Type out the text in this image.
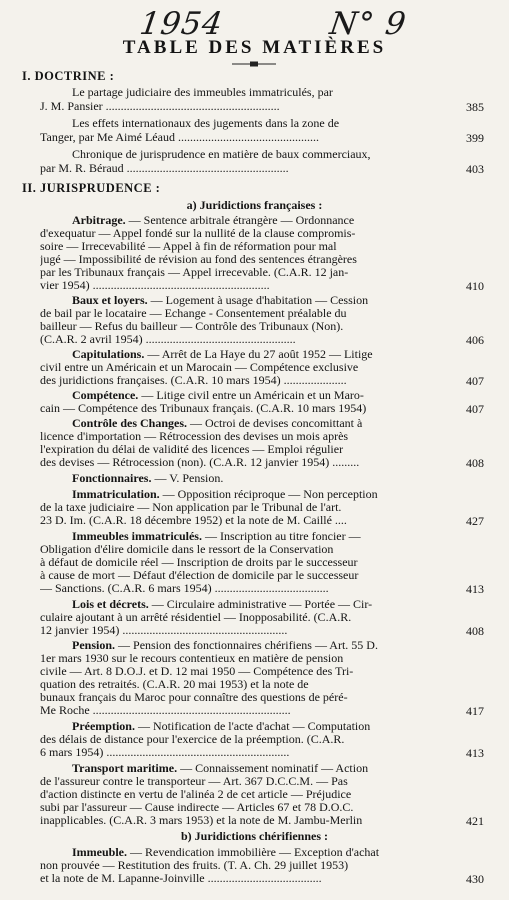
1954	N° 9
TABLE DES MATIÈRES
I. DOCTRINE :
Le partage judiciaire des immeubles immatriculés, par
J. M. Pansier ..........................................................	385
Les effets internationaux des jugements dans la zone de
Tanger, par Me Aimé Léaud ...............................................	399
Chronique de jurisprudence en matière de baux commerciaux,
par M. R. Béraud ......................................................	403
II. JURISPRUDENCE :
a) Juridictions françaises :
Arbitrage. — Sentence arbitrale étrangère — Ordonnance
d'exequatur — Appel fondé sur la nullité de la clause compromis-
soire — Irrecevabilité — Appel à fin de réformation pour mal
jugé — Impossibilité de révision au fond des sentences étrangères
par les Tribunaux français — Appel irrecevable. (C.A.R. 12 jan-
vier 1954) ...........................................................	410
Baux et loyers. — Logement à usage d'habitation — Cession
de bail par le locataire — Echange - Consentement préalable du
bailleur — Refus du bailleur — Contrôle des Tribunaux (Non).
(C.A.R. 2 avril 1954) ..................................................	406
Capitulations. — Arrêt de La Haye du 27 août 1952 — Litige
civil entre un Américain et un Marocain — Compétence exclusive
des juridictions françaises. (C.A.R. 10 mars 1954) .....................	407
Compétence. — Litige civil entre un Américain et un Maro-
cain — Compétence des Tribunaux français. (C.A.R. 10 mars 1954)	407
Contrôle des Changes. — Octroi de devises concomittant à
licence d'importation — Rétrocession des devises un mois après
l'expiration du délai de validité des licences — Emploi régulier
des devises — Rétrocession (non). (C.A.R. 12 janvier 1954) .........	408
Fonctionnaires. — V. Pension.
Immatriculation. — Opposition réciproque — Non perception
de la taxe judiciaire — Non application par le Tribunal de l'art.
23 D. Im. (C.A.R. 18 décembre 1952) et la note de M. Caillé ....	427
Immeubles immatriculés. — Inscription au titre foncier —
Obligation d'élire domicile dans le ressort de la Conservation
à défaut de domicile réel — Inscription de droits par le successeur
à cause de mort — Défaut d'élection de domicile par le successeur
— Sanctions. (C.A.R. 6 mars 1954) ......................................	413
Lois et décrets. — Circulaire administrative — Portée — Cir-
culaire ajoutant à un arrêté résidentiel — Inopposabilité. (C.A.R.
12 janvier 1954) .......................................................	408
Pension. — Pension des fonctionnaires chérifiens — Art. 55 D.
1er mars 1930 sur le recours contentieux en matière de pension
civile — Art. 8 D.O.J. et D. 12 mai 1950 — Compétence des Tri-
quation des retraités. (C.A.R. 20 mai 1953) et la note de
bunaux français du Maroc pour connaître des questions de péré-
Me Roche ..................................................................	417
Préemption. — Notification de l'acte d'achat — Computation
des délais de distance pour l'exercice de la préemption. (C.A.R.
6 mars 1954) .............................................................	413
Transport maritime. — Connaissement nominatif — Action
de l'assureur contre le transporteur — Art. 367 D.C.C.M. — Pas
d'action distincte en vertu de l'alinéa 2 de cet article — Préjudice
subi par l'assureur — Cause indirecte — Articles 67 et 78 D.O.C.
inapplicables. (C.A.R. 3 mars 1953) et la note de M. Jambu-Merlin	421
b) Juridictions chérifiennes :
Immeuble. — Revendication immobilière — Exception d'achat
non prouvée — Restitution des fruits. (T. A. Ch. 29 juillet 1953)
et la note de M. Lapanne-Joinville ......................................	430
